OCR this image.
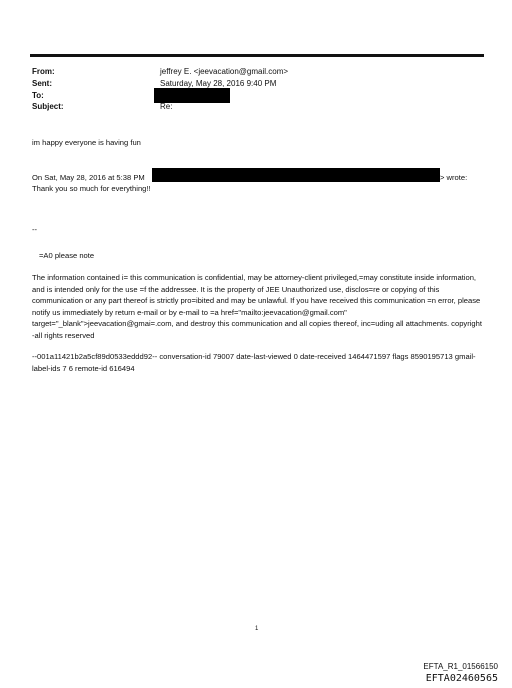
From:	jeffrey E. <jeevacation@gmail.com>
Sent:	Saturday, May 28, 2016 9:40 PM
To:
Subject:	Re:
im happy everyone is having fun
On Sat, May 28, 2016 at 5:38 PM	> wrote:
Thank you so much for everything!!
--
=A0 please note
The information contained i= this communication is confidential, may be attorney-client privileged,=may constitute inside information, and is intended only for the use =f the addressee. It is the property of JEE Unauthorized use, disclos=re or copying of this communication or any part thereof is strictly pro=ibited and may be unlawful. If you have received this communication =n error, please notify us immediately by return e-mail or by e-mail to =a href="mailto:jeevacation@gmail.com" target="_blank">jeevacation@gmai=.com, and destroy this communication and all copies thereof, inc=uding all attachments. copyright -all rights reserved
--001a11421b2a5cf89d0533eddd92-- conversation-id 79007 date-last-viewed 0 date-received 1464471597 flags 8590195713 gmail-label-ids 7 6 remote-id 616494
1
EFTA_R1_01566150
EFTA02460565
